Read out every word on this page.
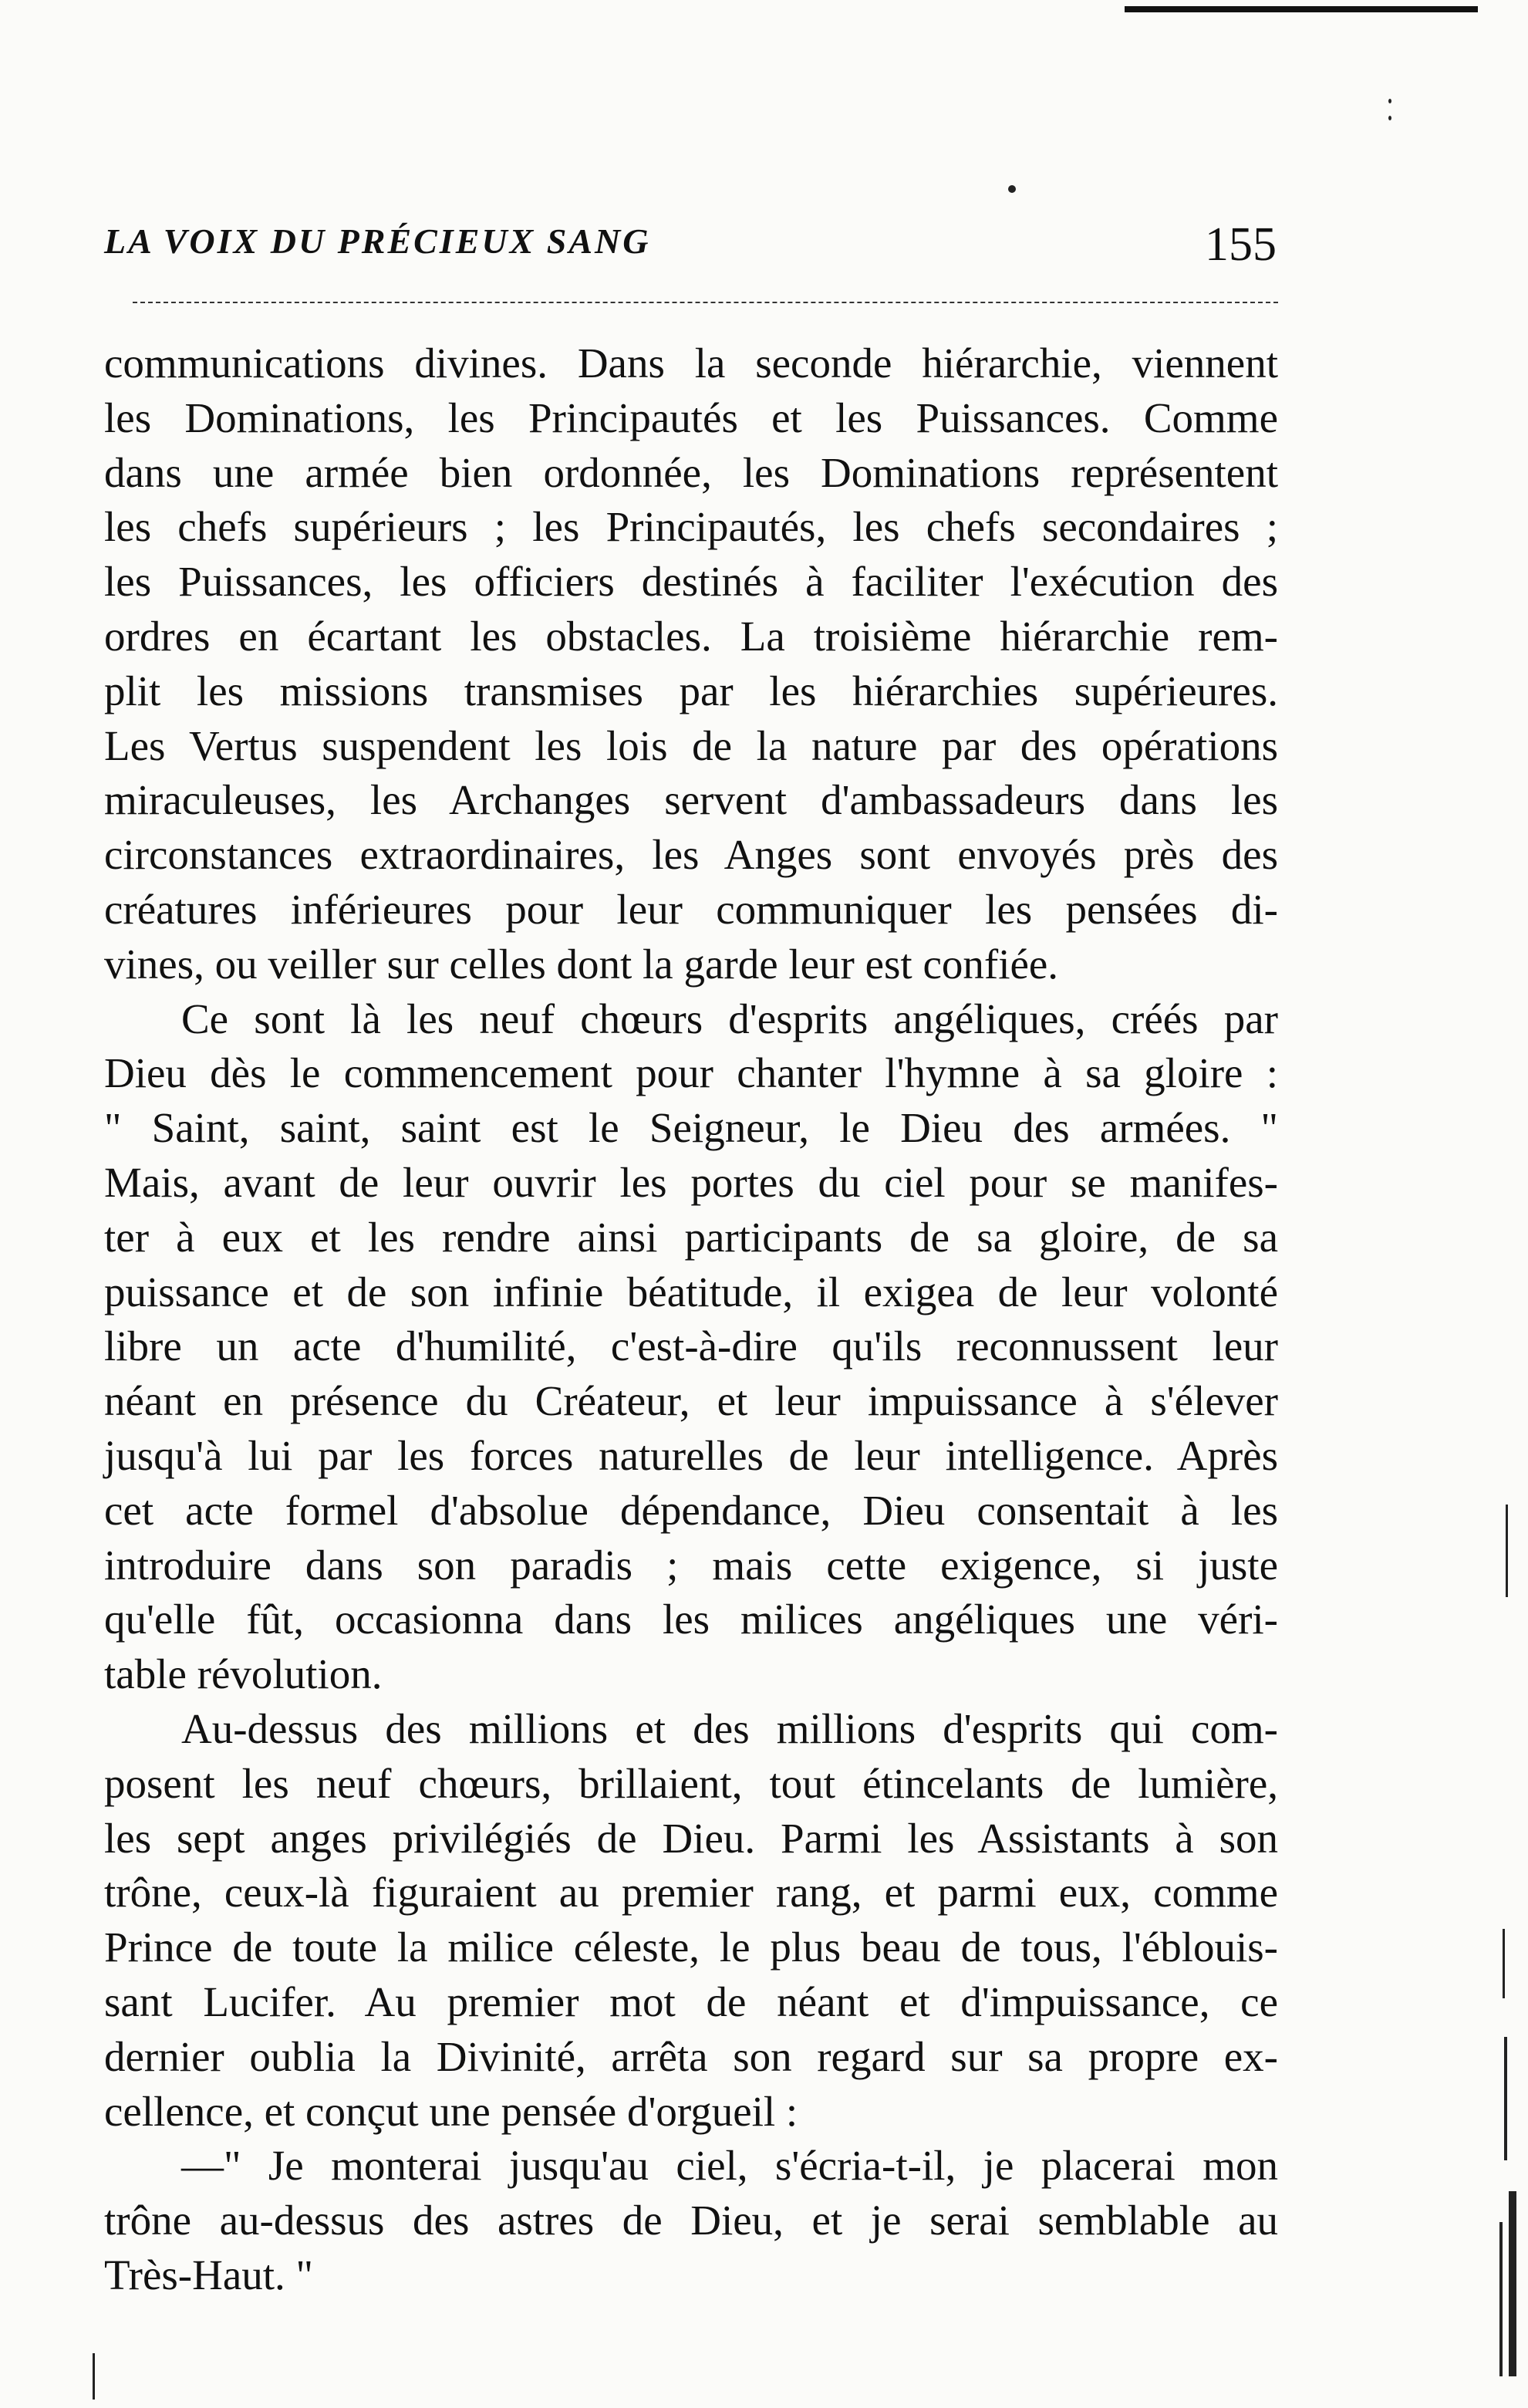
LA VOIX DU PRÉCIEUX SANG	155
communications divines. Dans la seconde hiérarchie, viennent
les Dominations, les Principautés et les Puissances. Comme
dans une armée bien ordonnée, les Dominations représentent
les chefs supérieurs ; les Principautés, les chefs secondaires ;
les Puissances, les officiers destinés à faciliter l'exécution des
ordres en écartant les obstacles. La troisième hiérarchie rem-
plit les missions transmises par les hiérarchies supérieures.
Les Vertus suspendent les lois de la nature par des opérations
miraculeuses, les Archanges servent d'ambassadeurs dans les
circonstances extraordinaires, les Anges sont envoyés près des
créatures inférieures pour leur communiquer les pensées di-
vines, ou veiller sur celles dont la garde leur est confiée.
Ce sont là les neuf chœurs d'esprits angéliques, créés par
Dieu dès le commencement pour chanter l'hymne à sa gloire :
" Saint, saint, saint est le Seigneur, le Dieu des armées. "
Mais, avant de leur ouvrir les portes du ciel pour se manifes-
ter à eux et les rendre ainsi participants de sa gloire, de sa
puissance et de son infinie béatitude, il exigea de leur volonté
libre un acte d'humilité, c'est-à-dire qu'ils reconnussent leur
néant en présence du Créateur, et leur impuissance à s'élever
jusqu'à lui par les forces naturelles de leur intelligence. Après
cet acte formel d'absolue dépendance, Dieu consentait à les
introduire dans son paradis ; mais cette exigence, si juste
qu'elle fût, occasionna dans les milices angéliques une véri-
table révolution.
Au-dessus des millions et des millions d'esprits qui com-
posent les neuf chœurs, brillaient, tout étincelants de lumière,
les sept anges privilégiés de Dieu. Parmi les Assistants à son
trône, ceux-là figuraient au premier rang, et parmi eux, comme
Prince de toute la milice céleste, le plus beau de tous, l'éblouis-
sant Lucifer. Au premier mot de néant et d'impuissance, ce
dernier oublia la Divinité, arrêta son regard sur sa propre ex-
cellence, et conçut une pensée d'orgueil :
—" Je monterai jusqu'au ciel, s'écria-t-il, je placerai mon
trône au-dessus des astres de Dieu, et je serai semblable au
Très-Haut. "
